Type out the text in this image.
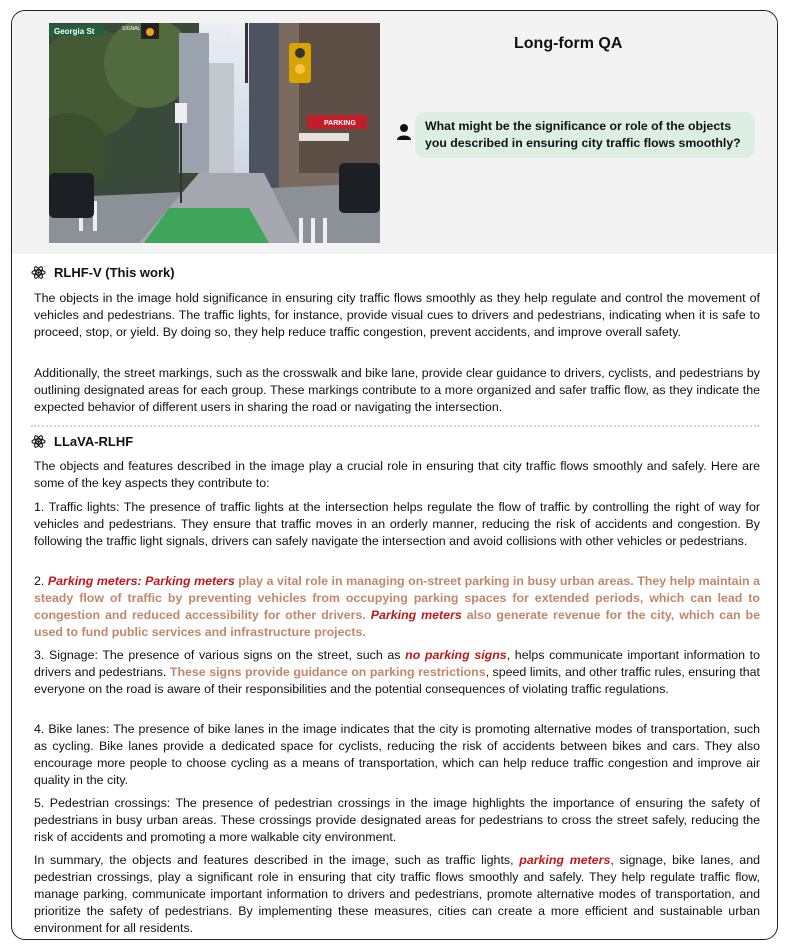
Georgia St	SIGNAL
PARKING
Long-form QA
What might be the significance or role of the objects you described in ensuring city traffic flows smoothly?
RLHF-V (This work)

The objects in the image hold significance in ensuring city traffic flows smoothly as they help regulate and control the movement of vehicles and pedestrians. The traffic lights, for instance, provide visual cues to drivers and pedestrians, indicating when it is safe to proceed, stop, or yield. By doing so, they help reduce traffic congestion, prevent accidents, and improve overall safety.

Additionally, the street markings, such as the crosswalk and bike lane, provide clear guidance to drivers, cyclists, and pedestrians by outlining designated areas for each group. These markings contribute to a more organized and safer traffic flow, as they indicate the expected behavior of different users in sharing the road or navigating the intersection.

LLaVA-RLHF

The objects and features described in the image play a crucial role in ensuring that city traffic flows smoothly and safely. Here are some of the key aspects they contribute to:

1. Traffic lights: The presence of traffic lights at the intersection helps regulate the flow of traffic by controlling the right of way for vehicles and pedestrians. They ensure that traffic moves in an orderly manner, reducing the risk of accidents and congestion. By following the traffic light signals, drivers can safely navigate the intersection and avoid collisions with other vehicles or pedestrians.

2. Parking meters: Parking meters play a vital role in managing on-street parking in busy urban areas. They help maintain a steady flow of traffic by preventing vehicles from occupying parking spaces for extended periods, which can lead to congestion and reduced accessibility for other drivers. Parking meters also generate revenue for the city, which can be used to fund public services and infrastructure projects.

3. Signage: The presence of various signs on the street, such as no parking signs, helps communicate important information to drivers and pedestrians. These signs provide guidance on parking restrictions, speed limits, and other traffic rules, ensuring that everyone on the road is aware of their responsibilities and the potential consequences of violating traffic regulations.

4. Bike lanes: The presence of bike lanes in the image indicates that the city is promoting alternative modes of transportation, such as cycling. Bike lanes provide a dedicated space for cyclists, reducing the risk of accidents between bikes and cars. They also encourage more people to choose cycling as a means of transportation, which can help reduce traffic congestion and improve air quality in the city.

5. Pedestrian crossings: The presence of pedestrian crossings in the image highlights the importance of ensuring the safety of pedestrians in busy urban areas. These crossings provide designated areas for pedestrians to cross the street safely, reducing the risk of accidents and promoting a more walkable city environment.

In summary, the objects and features described in the image, such as traffic lights, parking meters, signage, bike lanes, and pedestrian crossings, play a significant role in ensuring that city traffic flows smoothly and safely. They help regulate traffic flow, manage parking, communicate important information to drivers and pedestrians, promote alternative modes of transportation, and prioritize the safety of pedestrians. By implementing these measures, cities can create a more efficient and sustainable urban environment for all residents.
